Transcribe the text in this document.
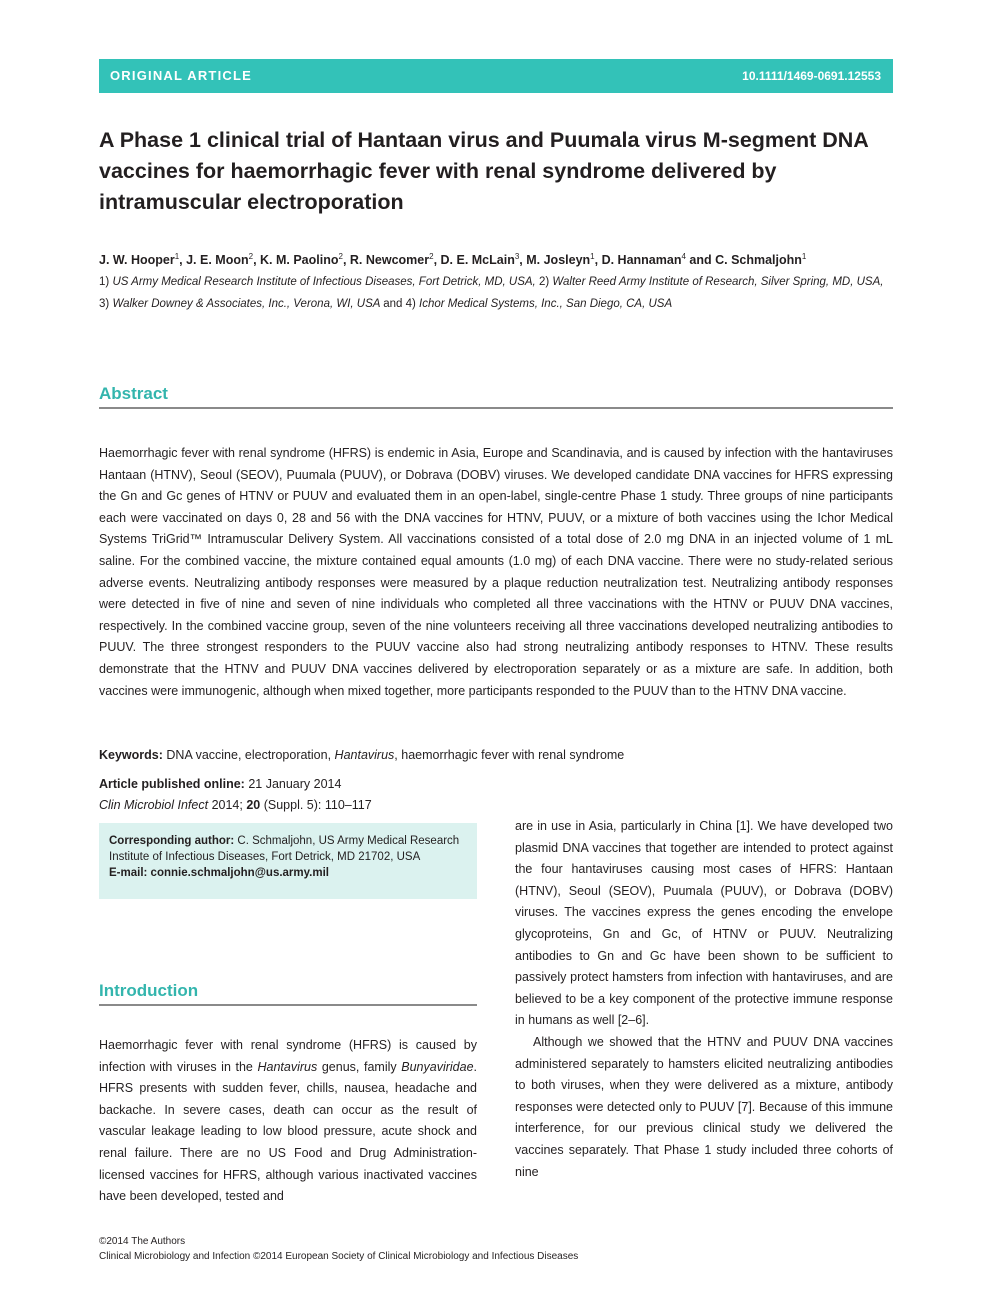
ORIGINAL ARTICLE	10.1111/1469-0691.12553
A Phase 1 clinical trial of Hantaan virus and Puumala virus M-segment DNA vaccines for haemorrhagic fever with renal syndrome delivered by intramuscular electroporation
J. W. Hooper$^1$, J. E. Moon$^2$, K. M. Paolino$^2$, R. Newcomer$^2$, D. E. McLain$^3$, M. Josleyn$^1$, D. Hannaman$^4$ and C. Schmaljohn$^1$
1) US Army Medical Research Institute of Infectious Diseases, Fort Detrick, MD, USA, 2) Walter Reed Army Institute of Research, Silver Spring, MD, USA,
3) Walker Downey & Associates, Inc., Verona, WI, USA and 4) Ichor Medical Systems, Inc., San Diego, CA, USA
Abstract

Haemorrhagic fever with renal syndrome (HFRS) is endemic in Asia, Europe and Scandinavia, and is caused by infection with the hantaviruses Hantaan (HTNV), Seoul (SEOV), Puumala (PUUV), or Dobrava (DOBV) viruses. We developed candidate DNA vaccines for HFRS expressing the Gn and Gc genes of HTNV or PUUV and evaluated them in an open-label, single-centre Phase 1 study. Three groups of nine participants each were vaccinated on days 0, 28 and 56 with the DNA vaccines for HTNV, PUUV, or a mixture of both vaccines using the Ichor Medical Systems TriGrid™ Intramuscular Delivery System. All vaccinations consisted of a total dose of 2.0 mg DNA in an injected volume of 1 mL saline. For the combined vaccine, the mixture contained equal amounts (1.0 mg) of each DNA vaccine. There were no study-related serious adverse events. Neutralizing antibody responses were measured by a plaque reduction neutralization test. Neutralizing antibody responses were detected in five of nine and seven of nine individuals who completed all three vaccinations with the HTNV or PUUV DNA vaccines, respectively. In the combined vaccine group, seven of the nine volunteers receiving all three vaccinations developed neutralizing antibodies to PUUV. The three strongest responders to the PUUV vaccine also had strong neutralizing antibody responses to HTNV. These results demonstrate that the HTNV and PUUV DNA vaccines delivered by electroporation separately or as a mixture are safe. In addition, both vaccines were immunogenic, although when mixed together, more participants responded to the PUUV than to the HTNV DNA vaccine.

Keywords: DNA vaccine, electroporation, Hantavirus, haemorrhagic fever with renal syndrome
Article published online: 21 January 2014
Clin Microbiol Infect 2014; 20 (Suppl. 5): 110–117
Corresponding author: C. Schmaljohn, US Army Medical Research
Institute of Infectious Diseases, Fort Detrick, MD 21702, USA
E-mail: connie.schmaljohn@us.army.mil
Introduction

Haemorrhagic fever with renal syndrome (HFRS) is caused by infection with viruses in the Hantavirus genus, family Bunyaviridae. HFRS presents with sudden fever, chills, nausea, headache and backache. In severe cases, death can occur as the result of vascular leakage leading to low blood pressure, acute shock and renal failure. There are no US Food and Drug Administration-licensed vaccines for HFRS, although various inactivated vaccines have been developed, tested and

are in use in Asia, particularly in China [1]. We have developed two plasmid DNA vaccines that together are intended to protect against the four hantaviruses causing most cases of HFRS: Hantaan (HTNV), Seoul (SEOV), Puumala (PUUV), or Dobrava (DOBV) viruses. The vaccines express the genes encoding the envelope glycoproteins, Gn and Gc, of HTNV or PUUV. Neutralizing antibodies to Gn and Gc have been shown to be sufficient to passively protect hamsters from infection with hantaviruses, and are believed to be a key component of the protective immune response in humans as well [2–6].

Although we showed that the HTNV and PUUV DNA vaccines administered separately to hamsters elicited neutralizing antibodies to both viruses, when they were delivered as a mixture, antibody responses were detected only to PUUV [7]. Because of this immune interference, for our previous clinical study we delivered the vaccines separately. That Phase 1 study included three cohorts of nine

©2014 The Authors
Clinical Microbiology and Infection ©2014 European Society of Clinical Microbiology and Infectious Diseases
